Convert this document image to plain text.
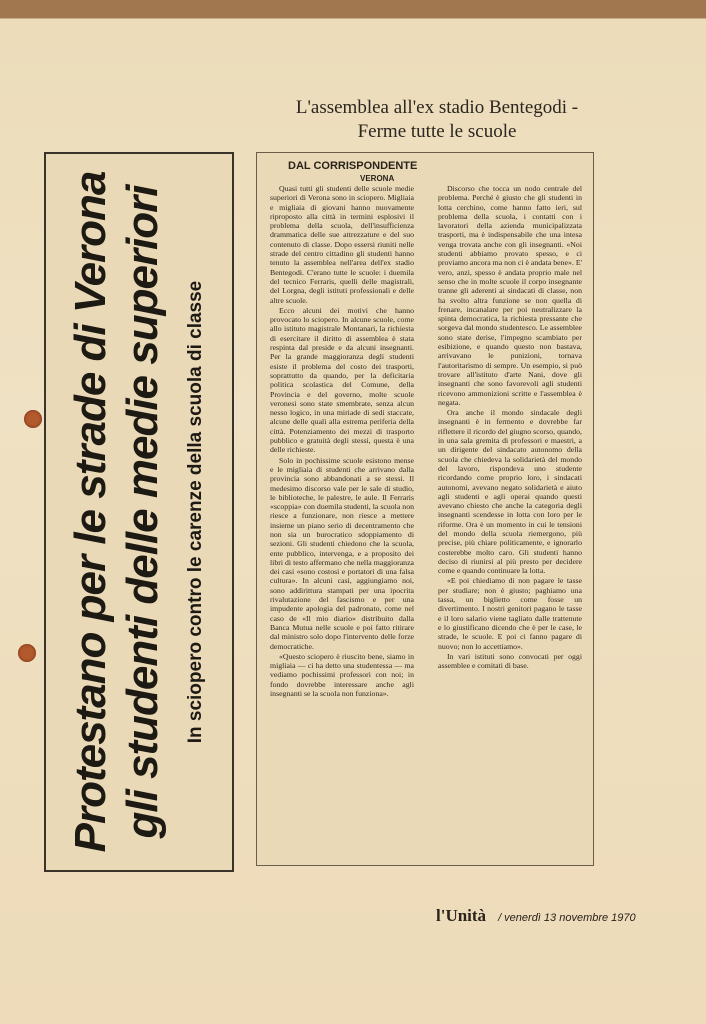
Protestano per le strade di Verona gli studenti delle medie superiori In sciopero contro le carenze della scuola di classe
L'assemblea all'ex stadio Bentegodi - Ferme tutte le scuole
DAL CORRISPONDENTE
VERONA

Quasi tutti gli studenti delle scuole medie superiori di Verona sono in sciopero. Migliaia e migliaia di giovani hanno nuovamente riproposto alla città in termini esplosivi il problema della scuola, dell'insufficienza drammatica delle sue attrezzature e del suo contenuto di classe. Dopo essersi riuniti nelle strade del centro cittadino gli studenti hanno tenuto la assemblea nell'area dell'ex stadio Bentegodi. C'erano tutte le scuole: i duemila del tecnico Ferraris, quelli delle magistrali, del Lorgna, degli istituti professionali e delle altre scuole.

Ecco alcuni dei motivi che hanno provocato lo sciopero. In alcune scuole, come allo istituto magistrale Montanari, la richiesta di esercitare il diritto di assemblea è stata respinta dal preside e da alcuni insegnanti. Per la grande maggioranza degli studenti esiste il problema del costo dei trasporti, soprattutto da quando, per la deficitaria politica scolastica del Comune, della Provincia e del governo, molte scuole veronesi sono state smembrate, senza alcun nesso logico, in una miriade di sedi staccate, alcune delle quali alla estrema periferia della città. Potenziamento dei mezzi di trasporto pubblico e gratuità degli stessi, questa è una delle richieste.

Solo in pochissime scuole esistono mense e le migliaia di studenti che arrivano dalla provincia sono abbandonati a se stessi. Il medesimo discorso vale per le sale di studio, le biblioteche, le palestre, le aule. Il Ferraris «scoppia» con duemila studenti, la scuola non riesce a funzionare, non riesce a mettere insieme un piano serio di decentramento che non sia un burocratico sdoppiamento di sezioni. Gli studenti chiedono che la scuola, ente pubblico, intervenga, e a proposito dei libri di testo affermano che nella maggioranza dei casi «sono costosi e portatori di una falsa cultura». In alcuni casi, aggiungiamo noi, sono addirittura stampati per una ipocrita rivalutazione del fascismo e per una impudente apologia del padronato, come nel caso de «Il mio diario» distribuito dalla Banca Mutua nelle scuole e poi fatto ritirare dal ministro solo dopo l'intervento delle forze democratiche.

«Questo sciopero è riuscito bene, siamo in migliaia — ci ha detto una studentessa — ma vediamo pochissimi professori con noi; in fondo dovrebbe interessare anche agli insegnanti se la scuola non funziona».

Discorso che tocca un nodo centrale del problema. Perché è giusto che gli studenti in lotta cerchino, come hanno fatto ieri, sul problema della scuola, i contatti con i lavoratori della azienda municipalizzata trasporti, ma è indispensabile che una intesa venga trovata anche con gli insegnanti. «Noi studenti abbiamo provato spesso, e ci proviamo ancora ma non ci è andata bene». E' vero, anzi, spesso è andata proprio male nel senso che in molte scuole il corpo insegnante tranne gli aderenti ai sindacati di classe, non ha svolto altra funzione se non quella di frenare, incanalare per poi neutralizzare la spinta democratica, la richiesta pressante che sorgeva dal mondo studentesco. Le assemblee sono state derise, l'impegno scambiato per esibizione, e quando questo non bastava, arrivavano le punizioni, tornava l'autoritarismo di sempre. Un esempio, si può trovare all'istituto d'arte Nani, dove gli insegnanti che sono favorevoli agli studenti ricevono ammonizioni scritte e l'assemblea è negata.

Ora anche il mondo sindacale degli insegnanti è in fermento e dovrebbe far riflettere il ricordo del giugno scorso, quando, in una sala gremita di professori e maestri, a un dirigente del sindacato autonomo della scuola che chiedeva la solidarietà del mondo del lavoro, rispondeva uno studente ricordando come proprio loro, i sindacati autonomi, avevano negato solidarietà e aiuto agli studenti e agli operai quando questi avevano chiesto che anche la categoria degli insegnanti scendesse in lotta con loro per le riforme. Ora è un momento in cui le tensioni del mondo della scuola riemergono, più precise, più chiare politicamente, e ignorarlo costerebbe molto caro. Gli studenti hanno deciso di riunirsi al più presto per decidere come e quando continuare la lotta.

«E poi chiediamo di non pagare le tasse per studiare; non è giusto; paghiamo una tassa, un biglietto come fosse un divertimento. I nostri genitori pagano le tasse e il loro salario viene tagliato dalle trattenute e lo giustificano dicendo che è per le case, le strade, le scuole. E poi ci fanno pagare di nuovo; non lo accettiamo».

In vari istituti sono convocati per oggi assemblee e comitati di base.

l'Unità / venerdì 13 novembre 1970
